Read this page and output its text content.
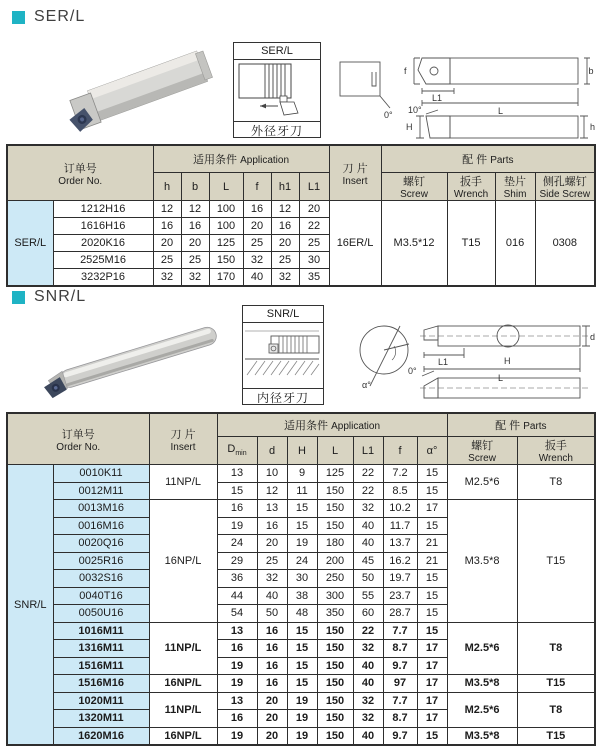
SER/L
SER/L
外径牙刀
f	b
L1
L
0° 10°
H	h
订单号
Order No.
	适用条件 Application	
刀 片
Insert
	配 件 Parts
h	b	L	f	h1	L1	螺钉
Screw

扳手
Wrench

垫片
Shim

侧孔螺钉
Side Screw

SER/L	1212H16	12	12	100	16	12	20	16ER/L	M3.5*12	T15	016	0308
	1616H16	16	16	100	20	16	22					
	2020K16	20	20	125	25	20	25					
	2525M16	25	25	150	32	25	30					
	3232P16	32	32	170	40	32	35					
SNR/L
SNR/L
内径牙刀
α°
d
L1	H
L
0°
订单号
Order No.

刀 片
Insert
	适用条件 Application	配 件 Parts
$D_{min}$	d	H	L	L1	f	α°	螺钉
Screw

扳手
Wrench

SNR/L	0010K11	11NP/L	13	10	9	125	22	7.2	15	M2.5*6	T8
	0012M11		15	12	11	150	22	8.5	15		
	0013M16	16NP/L	16	13	15	150	32	10.2	17	M3.5*8	T15
	0016M16		19	16	15	150	40	11.7	15		
	0020Q16		24	20	19	180	40	13.7	21		
	0025R16		29	25	24	200	45	16.2	21		
	0032S16		36	32	30	250	50	19.7	15		
	0040T16		44	40	38	300	55	23.7	15		
	0050U16		54	50	48	350	60	28.7	15		
	1016M11	11NP/L	13	16	15	150	22	7.7	15	M2.5*6	T8
	1316M11		16	16	15	150	32	8.7	17		
	1516M11		19	16	15	150	40	9.7	17		
	1516M16	16NP/L	19	16	15	150	40	97	17	M3.5*8	T15
	1020M11	11NP/L	13	20	19	150	32	7.7	17	M2.5*6	T8
	1320M11		16	20	19	150	32	8.7	17		
	1620M16	16NP/L	19	20	19	150	40	9.7	15	M3.5*8	T15
